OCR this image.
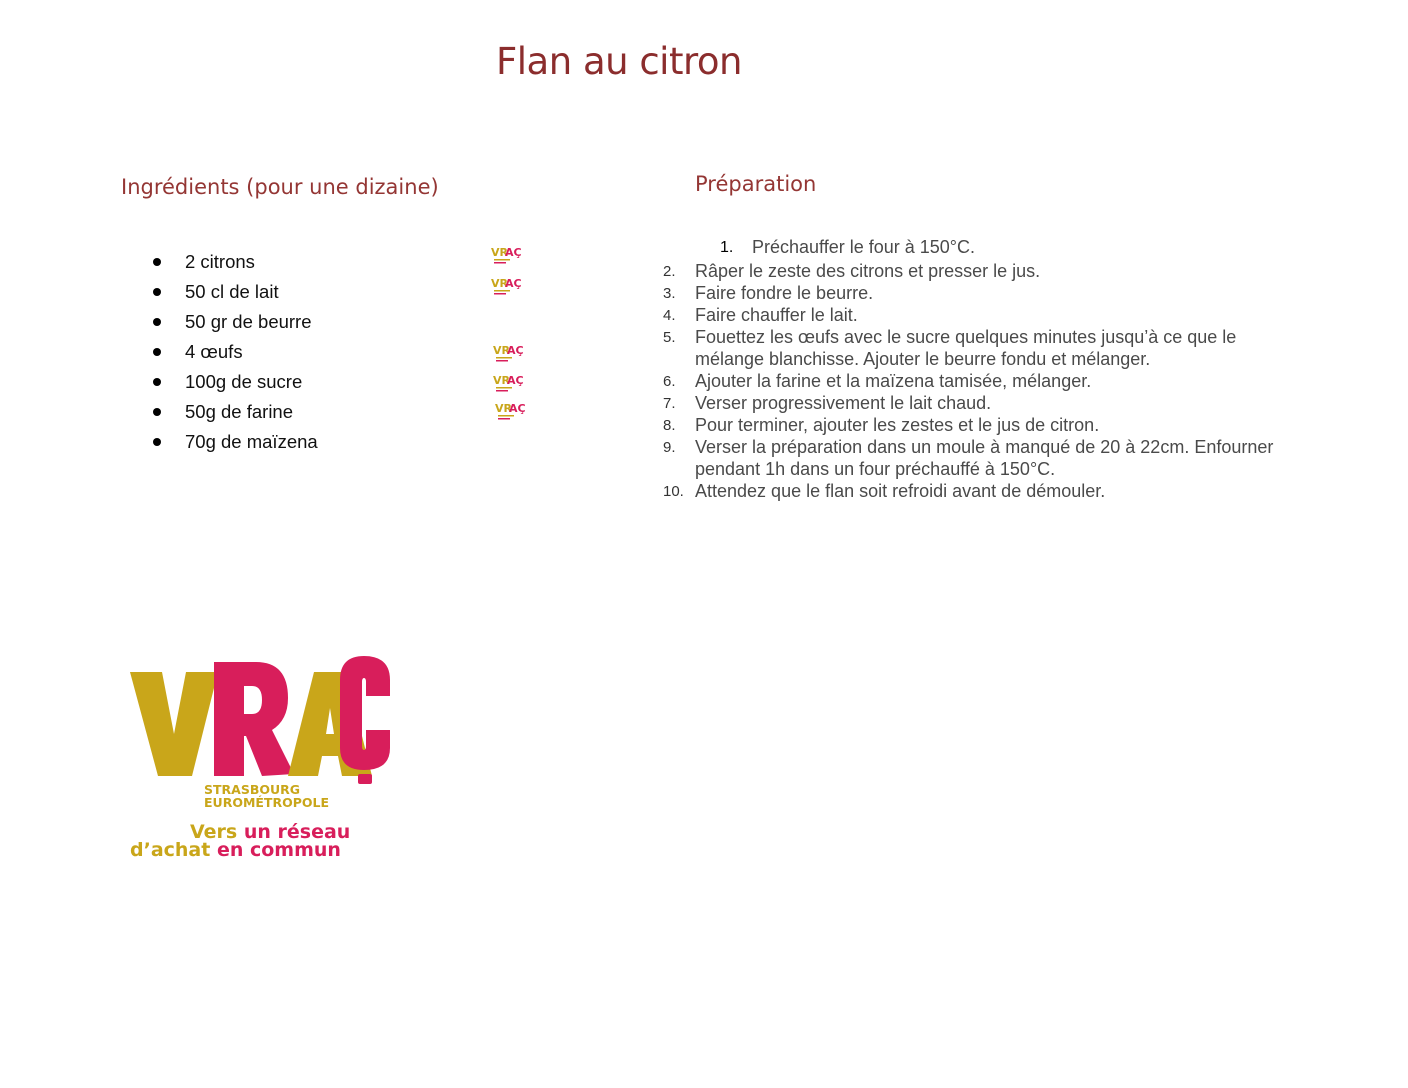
Flan au citron
Ingrédients (pour une dizaine)	Préparation
2 citrons
50 cl de lait
50 gr de beurre
4 œufs
100g de sucre
50g de farine
70g de maïzena
VR
AÇ
VR
AÇ
VR
AÇ
VR
AÇ
VR
AÇ
1. Préchauffer le four à 150°C.
2. Râper le zeste des citrons et presser le jus.
3. Faire fondre le beurre.
4. Faire chauffer le lait.
5. Fouettez les œufs avec le sucre quelques minutes jusqu’à ce que le mélange blanchisse. Ajouter le beurre fondu et mélanger.
6. Ajouter la farine et la maïzena tamisée, mélanger.
7. Verser progressivement le lait chaud.
8. Pour terminer, ajouter les zestes et le jus de citron.
9. Verser la préparation dans un moule à manqué de 20 à 22cm. Enfourner pendant 1h dans un four préchauffé à 150°C.
10. Attendez que le flan soit refroidi avant de démouler.
STRASBOURG
EUROMÉTROPOLE
Vers un réseau
d’achat en commun
